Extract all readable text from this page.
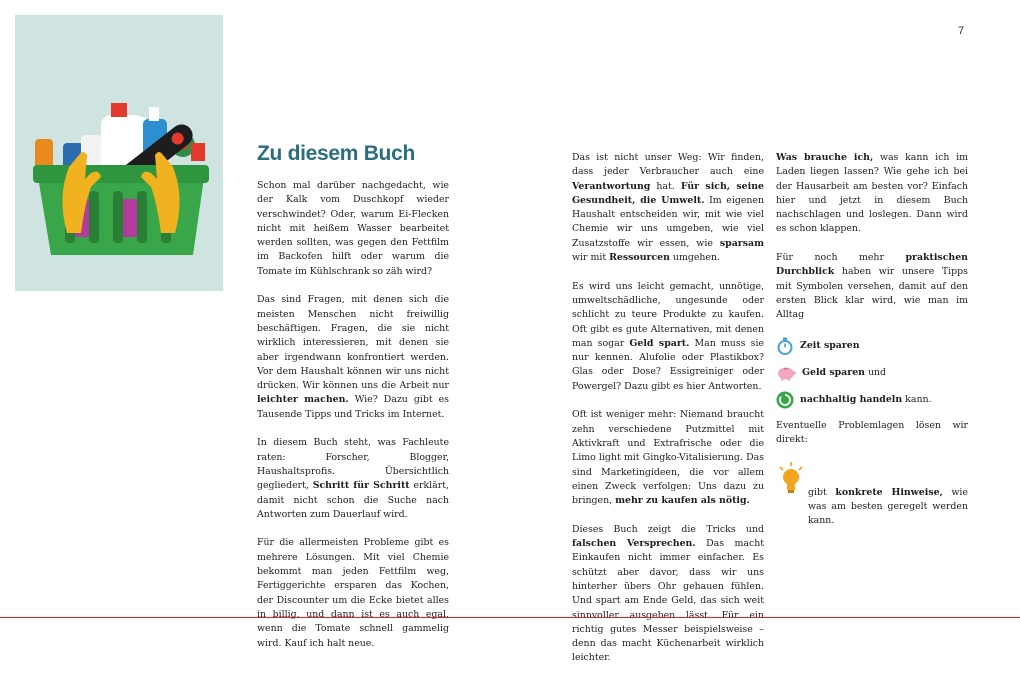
7
Zu diesem Buch

Schon mal darüber nachgedacht, wie der Kalk vom Duschkopf wieder verschwindet? Oder, warum Ei-Flecken nicht mit heißem Wasser bearbeitet werden sollten, was gegen den Fettfilm im Backofen hilft oder warum die Tomate im Kühlschrank so zäh wird?

Das sind Fragen, mit denen sich die meisten Menschen nicht freiwillig beschäftigen. Fragen, die sie nicht wirklich interessieren, mit denen sie aber irgendwann konfrontiert werden. Vor dem Haushalt können wir uns nicht drücken. Wir können uns die Arbeit nur leichter machen. Wie? Dazu gibt es Tausende Tipps und Tricks im Internet.

In diesem Buch steht, was Fachleute raten: Forscher, Blogger, Haushaltsprofis. Übersichtlich gegliedert, Schritt für Schritt erklärt, damit nicht schon die Suche nach Antworten zum Dauerlauf wird.

Für die allermeisten Probleme gibt es mehrere Lösungen. Mit viel Chemie bekommt man jeden Fettfilm weg, Fertiggerichte ersparen das Kochen, der Discounter um die Ecke bietet alles in billig, und dann ist es auch egal, wenn die Tomate schnell gammelig wird. Kauf ich halt neue.

Das ist nicht unser Weg: Wir finden, dass jeder Verbraucher auch eine Verantwortung hat. Für sich, seine Gesundheit, die Umwelt. Im eigenen Haushalt entscheiden wir, mit wie viel Chemie wir uns umgeben, wie viel Zusatzstoffe wir essen, wie sparsam wir mit Ressourcen umgehen.

Es wird uns leicht gemacht, unnötige, umweltschädliche, ungesunde oder schlicht zu teure Produkte zu kaufen. Oft gibt es gute Alternativen, mit denen man sogar Geld spart. Man muss sie nur kennen. Alufolie oder Plastikbox? Glas oder Dose? Essigreiniger oder Powergel? Dazu gibt es hier Antworten.

Oft ist weniger mehr: Niemand braucht zehn verschiedene Putzmittel mit Aktivkraft und Extrafrische oder die Limo light mit Gingko-Vitalisierung. Das sind Marketingideen, die vor allem einen Zweck verfolgen: Uns dazu zu bringen, mehr zu kaufen als nötig.

Dieses Buch zeigt die Tricks und falschen Versprechen. Das macht Einkaufen nicht immer einfacher. Es schützt aber davor, dass wir uns hinterher übers Ohr gehauen fühlen. Und spart am Ende Geld, das sich weit sinnvoller ausgeben lässt. Für ein richtig gutes Messer beispielsweise – denn das macht Küchenarbeit wirklich leichter.

Was brauche ich, was kann ich im Laden liegen lassen? Wie gehe ich bei der Hausarbeit am besten vor? Einfach hier und jetzt in diesem Buch nachschlagen und loslegen. Dann wird es schon klappen.

Für noch mehr praktischen Durchblick haben wir unsere Tipps mit Symbolen versehen, damit auf den ersten Blick klar wird, wie man im Alltag

Zeit sparen
Geld sparen und
nachhaltig handeln kann.

Eventuelle Problemlagen lösen wir direkt:

gibt konkrete Hinweise, wie was am besten geregelt werden kann.
